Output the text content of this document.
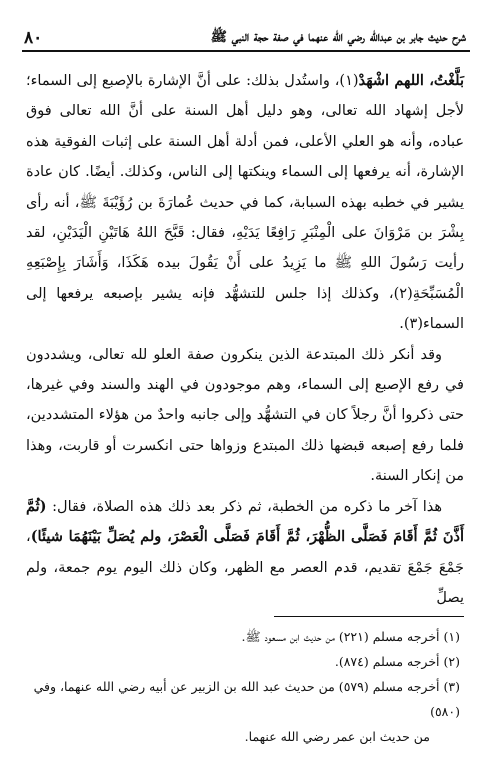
شرح حديث جابر بن عبدالله رضي الله عنهما في صفة حجة النبي ﷺ
٨٠

بَلَّغْتُ، اللهم اشْهَدْ(١)، واستُدل بذلك: على أنَّ الإشارة بالإصبع إلى السماء؛ لأجل إشهاد الله تعالى، وهو دليل أهل السنة على أنَّ الله تعالى فوق عباده، وأنه هو العلي الأعلى، فمن أدلة أهل السنة على إثبات الفوقية هذه الإشارة، أنه يرفعها إلى السماء وينكتها إلى الناس، وكذلك. أيضًا. كان عادة يشير في خطبه بهذه السبابة، كما في حديث عُمارَةَ بن رُؤَيْبَةَ ﷺ، أنه رأى بِشْرَ بن مَرْوَانَ على الْمِنْبَرِ رَافِعًا يَدَيْهِ، فقال: قَبَّحَ اللهُ هَاتَيْنِ الْيَدَيْنِ، لقد رأيت رَسُولَ اللهِ ﷺ ما يَزِيدُ على أَنْ يَقُولَ بيده هَكَذَا، وَأَشَارَ بِإِصْبَعِهِ الْمُسَبِّحَةِ(٢)، وكذلك إذا جلس للتشهُّد فإنه يشير بإصبعه يرفعها إلى السماء(٣).

وقد أنكر ذلك المبتدعة الذين ينكرون صفة العلو لله تعالى، ويشددون في رفع الإصبع إلى السماء، وهم موجودون في الهند والسند وفي غيرها، حتى ذكروا أنَّ رجلاً كان في التشهُّد وإلى جانبه واحدٌ من هؤلاء المتشددين، فلما رفع إصبعه قبضها ذلك المبتدع وزواها حتى انكسرت أو قاربت، وهذا من إنكار السنة.

هذا آخر ما ذكره من الخطبة، ثم ذكر بعد ذلك هذه الصلاة، فقال: (ثُمَّ أَذَّنَ ثُمَّ أَقَامَ فَصَلَّى الظُّهْرَ، ثُمَّ أَقَامَ فَصَلَّى الْعَصْرَ، ولم يُصَلِّ بَيْنَهُمَا شيئًا)، جَمْعَ جَمْعَ تقديم، قدم العصر مع الظهر، وكان ذلك اليوم يوم جمعة، ولم يصلِّ

(١) أخرجه مسلم (٢٢١) من حديث ابن مسعود ﷺ.

(٢) أخرجه مسلم (٨٧٤).

(٣) أخرجه مسلم (٥٧٩) من حديث عبد الله بن الزبير عن أبيه رضي الله عنهما، وفي (٥٨٠)

من حديث ابن عمر رضي الله عنهما.
